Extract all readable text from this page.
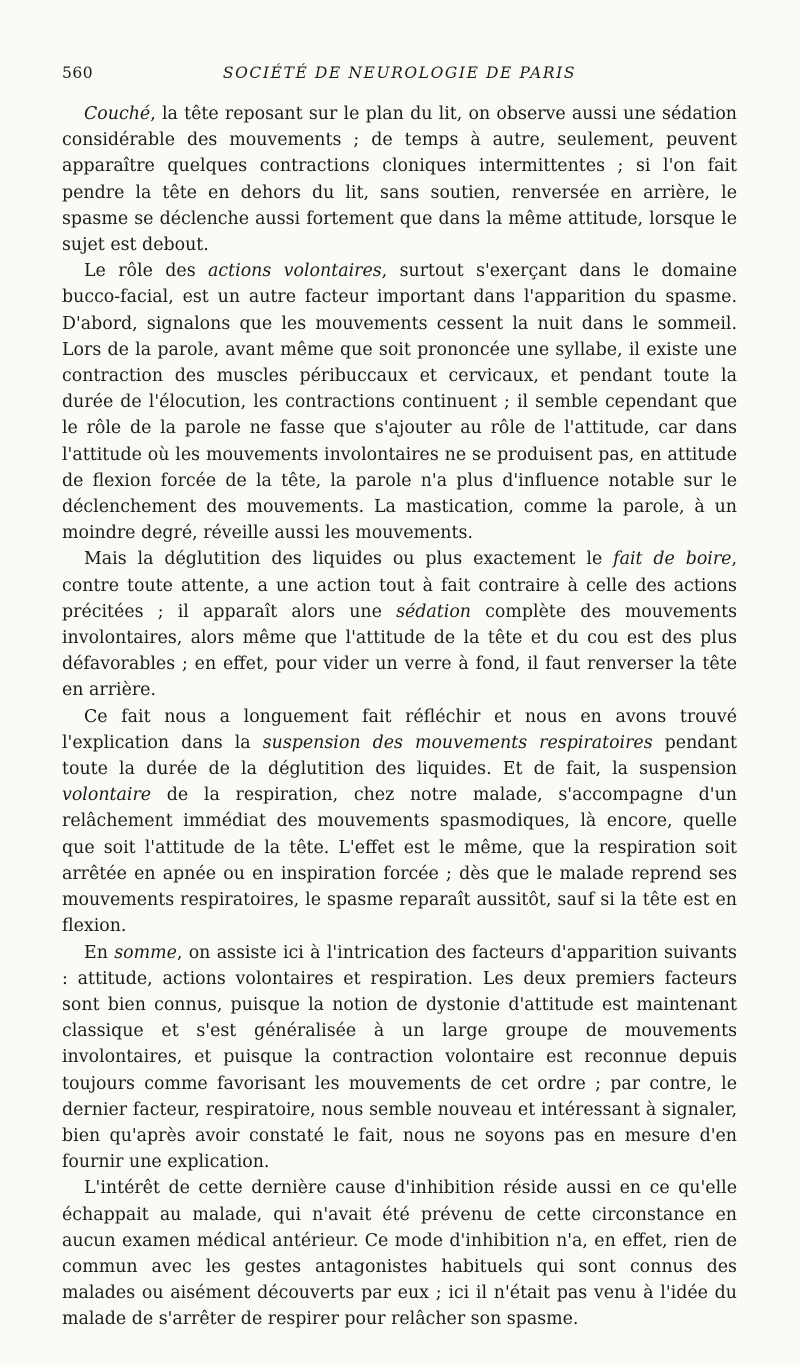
560	SOCIÉTÉ DE NEUROLOGIE DE PARIS

Couché, la tête reposant sur le plan du lit, on observe aussi une sédation considérable des mouvements ; de temps à autre, seulement, peuvent apparaître quelques contractions cloniques intermittentes ; si l'on fait pendre la tête en dehors du lit, sans soutien, renversée en arrière, le spasme se déclenche aussi fortement que dans la même attitude, lorsque le sujet est debout.

Le rôle des actions volontaires, surtout s'exerçant dans le domaine bucco-facial, est un autre facteur important dans l'apparition du spasme. D'abord, signalons que les mouvements cessent la nuit dans le sommeil. Lors de la parole, avant même que soit prononcée une syllabe, il existe une contraction des muscles péribuccaux et cervicaux, et pendant toute la durée de l'élocution, les contractions continuent ; il semble cependant que le rôle de la parole ne fasse que s'ajouter au rôle de l'attitude, car dans l'attitude où les mouvements involontaires ne se produisent pas, en attitude de flexion forcée de la tête, la parole n'a plus d'influence notable sur le déclenchement des mouvements. La mastication, comme la parole, à un moindre degré, réveille aussi les mouvements.

Mais la déglutition des liquides ou plus exactement le fait de boire, contre toute attente, a une action tout à fait contraire à celle des actions précitées ; il apparaît alors une sédation complète des mouvements involontaires, alors même que l'attitude de la tête et du cou est des plus défavorables ; en effet, pour vider un verre à fond, il faut renverser la tête en arrière.

Ce fait nous a longuement fait réfléchir et nous en avons trouvé l'explication dans la suspension des mouvements respiratoires pendant toute la durée de la déglutition des liquides. Et de fait, la suspension volontaire de la respiration, chez notre malade, s'accompagne d'un relâchement immédiat des mouvements spasmodiques, là encore, quelle que soit l'attitude de la tête. L'effet est le même, que la respiration soit arrêtée en apnée ou en inspiration forcée ; dès que le malade reprend ses mouvements respiratoires, le spasme reparaît aussitôt, sauf si la tête est en flexion.

En somme, on assiste ici à l'intrication des facteurs d'apparition suivants : attitude, actions volontaires et respiration. Les deux premiers facteurs sont bien connus, puisque la notion de dystonie d'attitude est maintenant classique et s'est généralisée à un large groupe de mouvements involontaires, et puisque la contraction volontaire est reconnue depuis toujours comme favorisant les mouvements de cet ordre ; par contre, le dernier facteur, respiratoire, nous semble nouveau et intéressant à signaler, bien qu'après avoir constaté le fait, nous ne soyons pas en mesure d'en fournir une explication.

L'intérêt de cette dernière cause d'inhibition réside aussi en ce qu'elle échappait au malade, qui n'avait été prévenu de cette circonstance en aucun examen médical antérieur. Ce mode d'inhibition n'a, en effet, rien de commun avec les gestes antagonistes habituels qui sont connus des malades ou aisément découverts par eux ; ici il n'était pas venu à l'idée du malade de s'arrêter de respirer pour relâcher son spasme.
